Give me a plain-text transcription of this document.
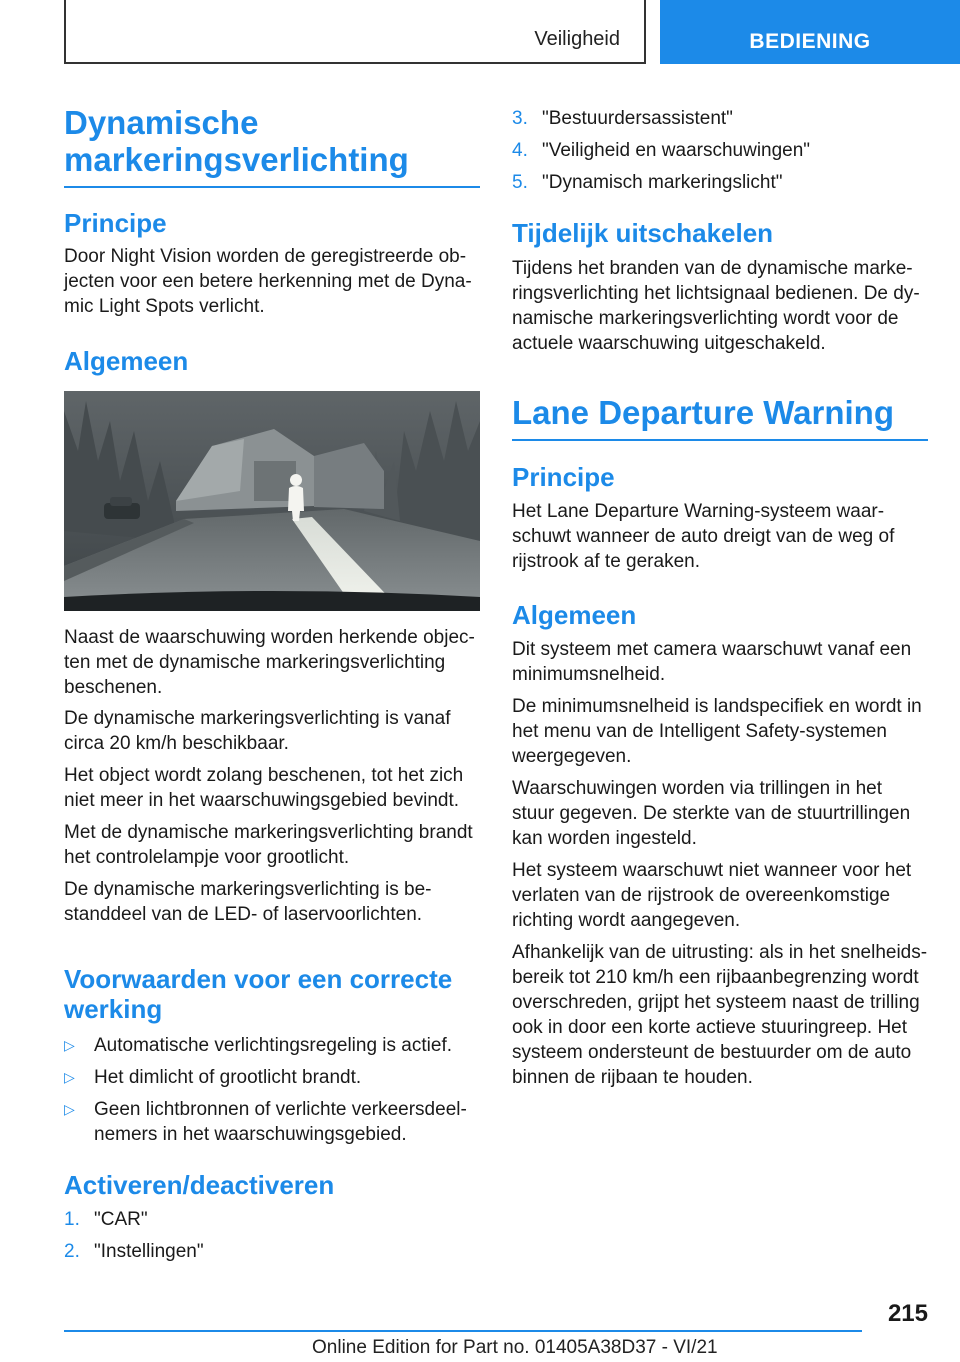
Veiligheid	BEDIENING
Dynamische
markeringsverlichting
Principe

Door Night Vision worden de geregistreerde ob-
jecten voor een betere herkenning met de Dyna-
mic Light Spots verlicht.

Algemeen

Naast de waarschuwing worden herkende objec-
ten met de dynamische markeringsverlichting
beschenen.

De dynamische markeringsverlichting is vanaf
circa 20 km/h beschikbaar.

Het object wordt zolang beschenen, tot het zich
niet meer in het waarschuwingsgebied bevindt.

Met de dynamische markeringsverlichting brandt
het controlelampje voor grootlicht.

De dynamische markeringsverlichting is be-
standdeel van de LED- of laservoorlichten.

Voorwaarden voor een correcte
werking
▷ Automatische verlichtingsregeling is actief.
▷ Het dimlicht of grootlicht brandt.
▷ Geen lichtbronnen of verlichte verkeersdeel-
nemers in het waarschuwingsgebied.
Activeren/deactiveren
1. "CAR"
2. "Instellingen"
3. "Bestuurdersassistent"
4. "Veiligheid en waarschuwingen"
5. "Dynamisch markeringslicht"
Tijdelijk uitschakelen

Tijdens het branden van de dynamische marke-
ringsverlichting het lichtsignaal bedienen. De dy-
namische markeringsverlichting wordt voor de
actuele waarschuwing uitgeschakeld.

Lane Departure Warning
Principe

Het Lane Departure Warning-systeem waar-
schuwt wanneer de auto dreigt van de weg of
rijstrook af te geraken.

Algemeen

Dit systeem met camera waarschuwt vanaf een
minimumsnelheid.

De minimumsnelheid is landspecifiek en wordt in
het menu van de Intelligent Safety-systemen
weergegeven.

Waarschuwingen worden via trillingen in het
stuur gegeven. De sterkte van de stuurtrillingen
kan worden ingesteld.

Het systeem waarschuwt niet wanneer voor het
verlaten van de rijstrook de overeenkomstige
richting wordt aangegeven.

Afhankelijk van de uitrusting: als in het snelheids-
bereik tot 210 km/h een rijbaanbegrenzing wordt
overschreden, grijpt het systeem naast de trilling
ook in door een korte actieve stuuringreep. Het
systeem ondersteunt de bestuurder om de auto
binnen de rijbaan te houden.

215
Online Edition for Part no. 01405A38D37 - VI/21
